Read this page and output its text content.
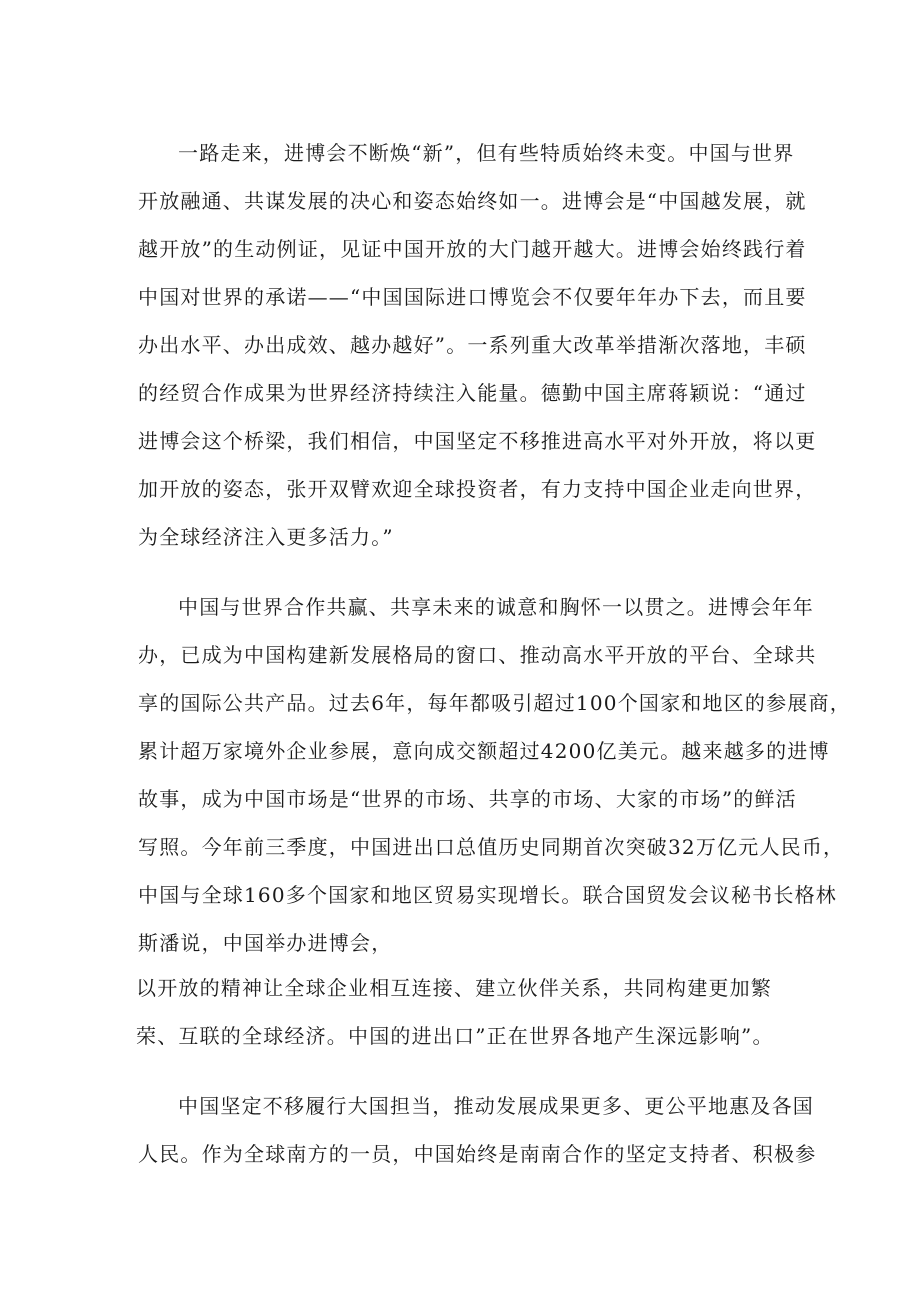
一路走来，进博会不断焕“新”，但有些特质始终未变。中国与世界
开放融通、共谋发展的决心和姿态始终如一。进博会是“中国越发展，就
越开放”的生动例证，见证中国开放的大门越开越大。进博会始终践行着
中国对世界的承诺——“中国国际进口博览会不仅要年年办下去，而且要
办出水平、办出成效、越办越好”。一系列重大改革举措渐次落地，丰硕
的经贸合作成果为世界经济持续注入能量。德勤中国主席蒋颖说：“通过
进博会这个桥梁，我们相信，中国坚定不移推进高水平对外开放，将以更
加开放的姿态，张开双臂欢迎全球投资者，有力支持中国企业走向世界，
为全球经济注入更多活力。”
中国与世界合作共赢、共享未来的诚意和胸怀一以贯之。进博会年年
办，已成为中国构建新发展格局的窗口、推动高水平开放的平台、全球共
享的国际公共产品。过去6年，每年都吸引超过100个国家和地区的参展商，
累计超万家境外企业参展，意向成交额超过4200亿美元。越来越多的进博
故事，成为中国市场是“世界的市场、共享的市场、大家的市场”的鲜活
写照。今年前三季度，中国进出口总值历史同期首次突破32万亿元人民币，
中国与全球160多个国家和地区贸易实现增长。联合国贸发会议秘书长格林
斯潘说，中国举办进博会，
以开放的精神让全球企业相互连接、建立伙伴关系，共同构建更加繁
荣、互联的全球经济。中国的进出口”正在世界各地产生深远影响”。
中国坚定不移履行大国担当，推动发展成果更多、更公平地惠及各国
人民。作为全球南方的一员，中国始终是南南合作的坚定支持者、积极参
